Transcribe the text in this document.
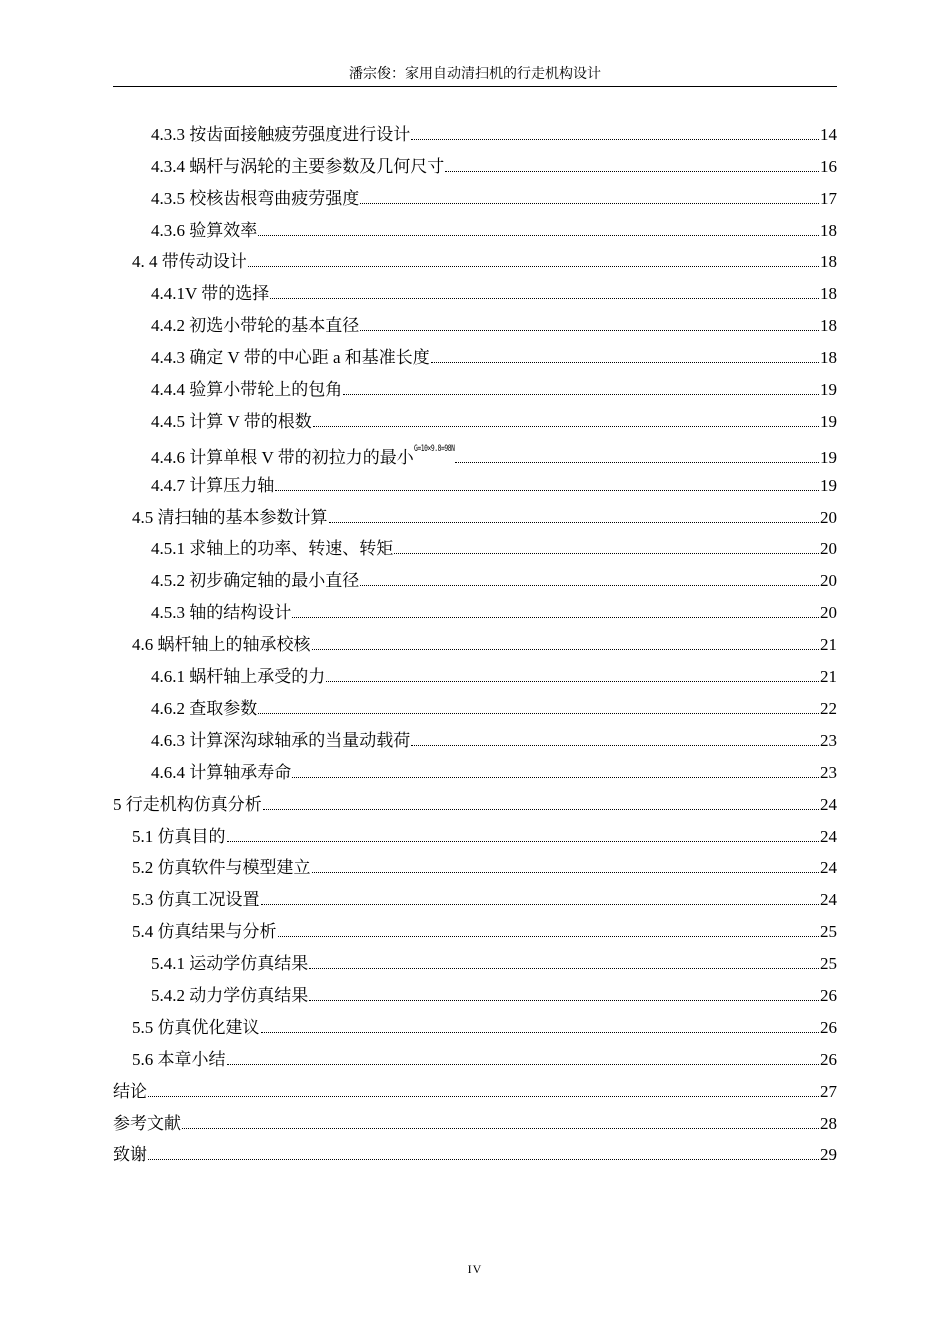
潘宗俊：家用自动清扫机的行走机构设计
4.3.3 按齿面接触疲劳强度进行设计	14
4.3.4 蜗杆与涡轮的主要参数及几何尺寸	16
4.3.5 校核齿根弯曲疲劳强度	17
4.3.6 验算效率	18
4. 4 带传动设计	18
4.4.1V 带的选择	18
4.4.2 初选小带轮的基本直径	18
4.4.3 确定 V 带的中心距 a 和基准长度	18
4.4.4 验算小带轮上的包角	19
4.4.5 计算 V 带的根数	19
4.4.6 计算单根 V 带的初拉力的最小G=10×9.8=98N	19
4.4.7 计算压力轴	19
4.5 清扫轴的基本参数计算	20
4.5.1 求轴上的功率、转速、转矩	20
4.5.2 初步确定轴的最小直径	20
4.5.3 轴的结构设计	20
4.6 蜗杆轴上的轴承校核	21
4.6.1 蜗杆轴上承受的力	21
4.6.2 查取参数	22
4.6.3 计算深沟球轴承的当量动载荷	23
4.6.4 计算轴承寿命	23
5 行走机构仿真分析	24
5.1 仿真目的	24
5.2 仿真软件与模型建立	24
5.3 仿真工况设置	24
5.4 仿真结果与分析	25
5.4.1 运动学仿真结果	25
5.4.2 动力学仿真结果	26
5.5 仿真优化建议	26
5.6 本章小结	26
结论	27
参考文献	28
致谢	29
IV
